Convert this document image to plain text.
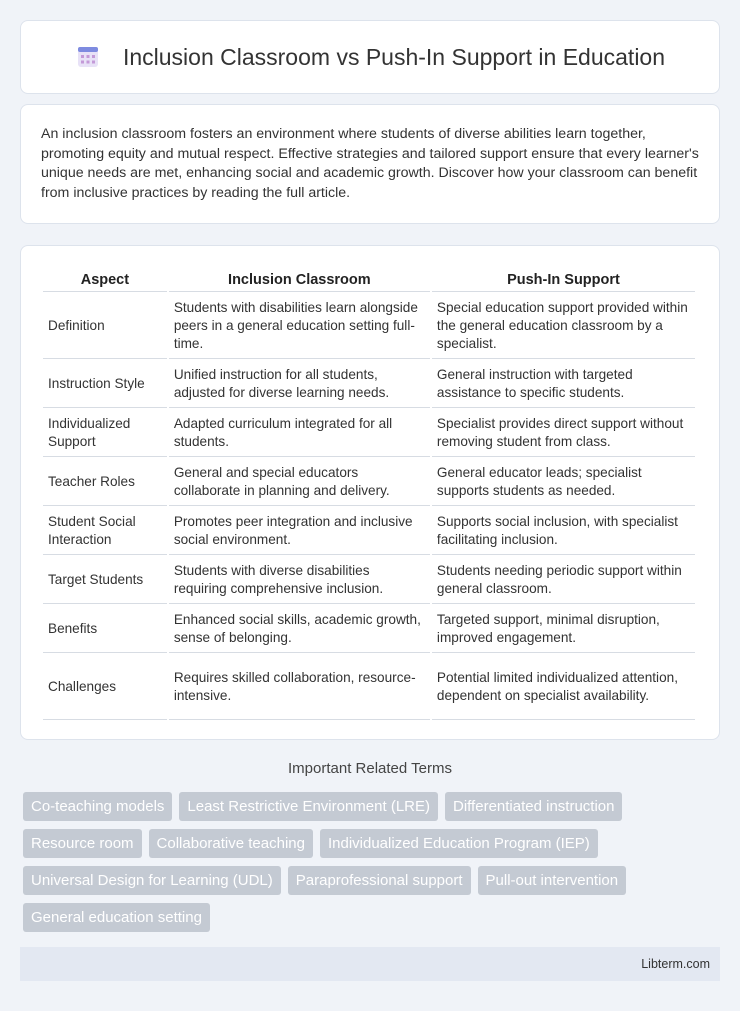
Inclusion Classroom vs Push-In Support in Education

An inclusion classroom fosters an environment where students of diverse abilities learn together, promoting equity and mutual respect. Effective strategies and tailored support ensure that every learner's unique needs are met, enhancing social and academic growth. Discover how your classroom can benefit from inclusive practices by reading the full article.

Aspect	Inclusion Classroom	Push-In Support
Definition	Students with disabilities learn alongside peers in a general education setting full-time.	Special education support provided within the general education classroom by a specialist.
Instruction Style	Unified instruction for all students, adjusted for diverse learning needs.	General instruction with targeted assistance to specific students.
Individualized Support	Adapted curriculum integrated for all students.	Specialist provides direct support without removing student from class.
Teacher Roles	General and special educators collaborate in planning and delivery.	General educator leads; specialist supports students as needed.
Student Social Interaction	Promotes peer integration and inclusive social environment.	Supports social inclusion, with specialist facilitating inclusion.
Target Students	Students with diverse disabilities requiring comprehensive inclusion.	Students needing periodic support within general classroom.
Benefits	Enhanced social skills, academic growth, sense of belonging.	Targeted support, minimal disruption, improved engagement.
Challenges	Requires skilled collaboration, resource-intensive.	Potential limited individualized attention, dependent on specialist availability.
Important Related Terms
Co-teaching models	Least Restrictive Environment (LRE)	Differentiated instruction
Resource room	Collaborative teaching	Individualized Education Program (IEP)
Universal Design for Learning (UDL)	Paraprofessional support	Pull-out intervention
General education setting
Libterm.com
